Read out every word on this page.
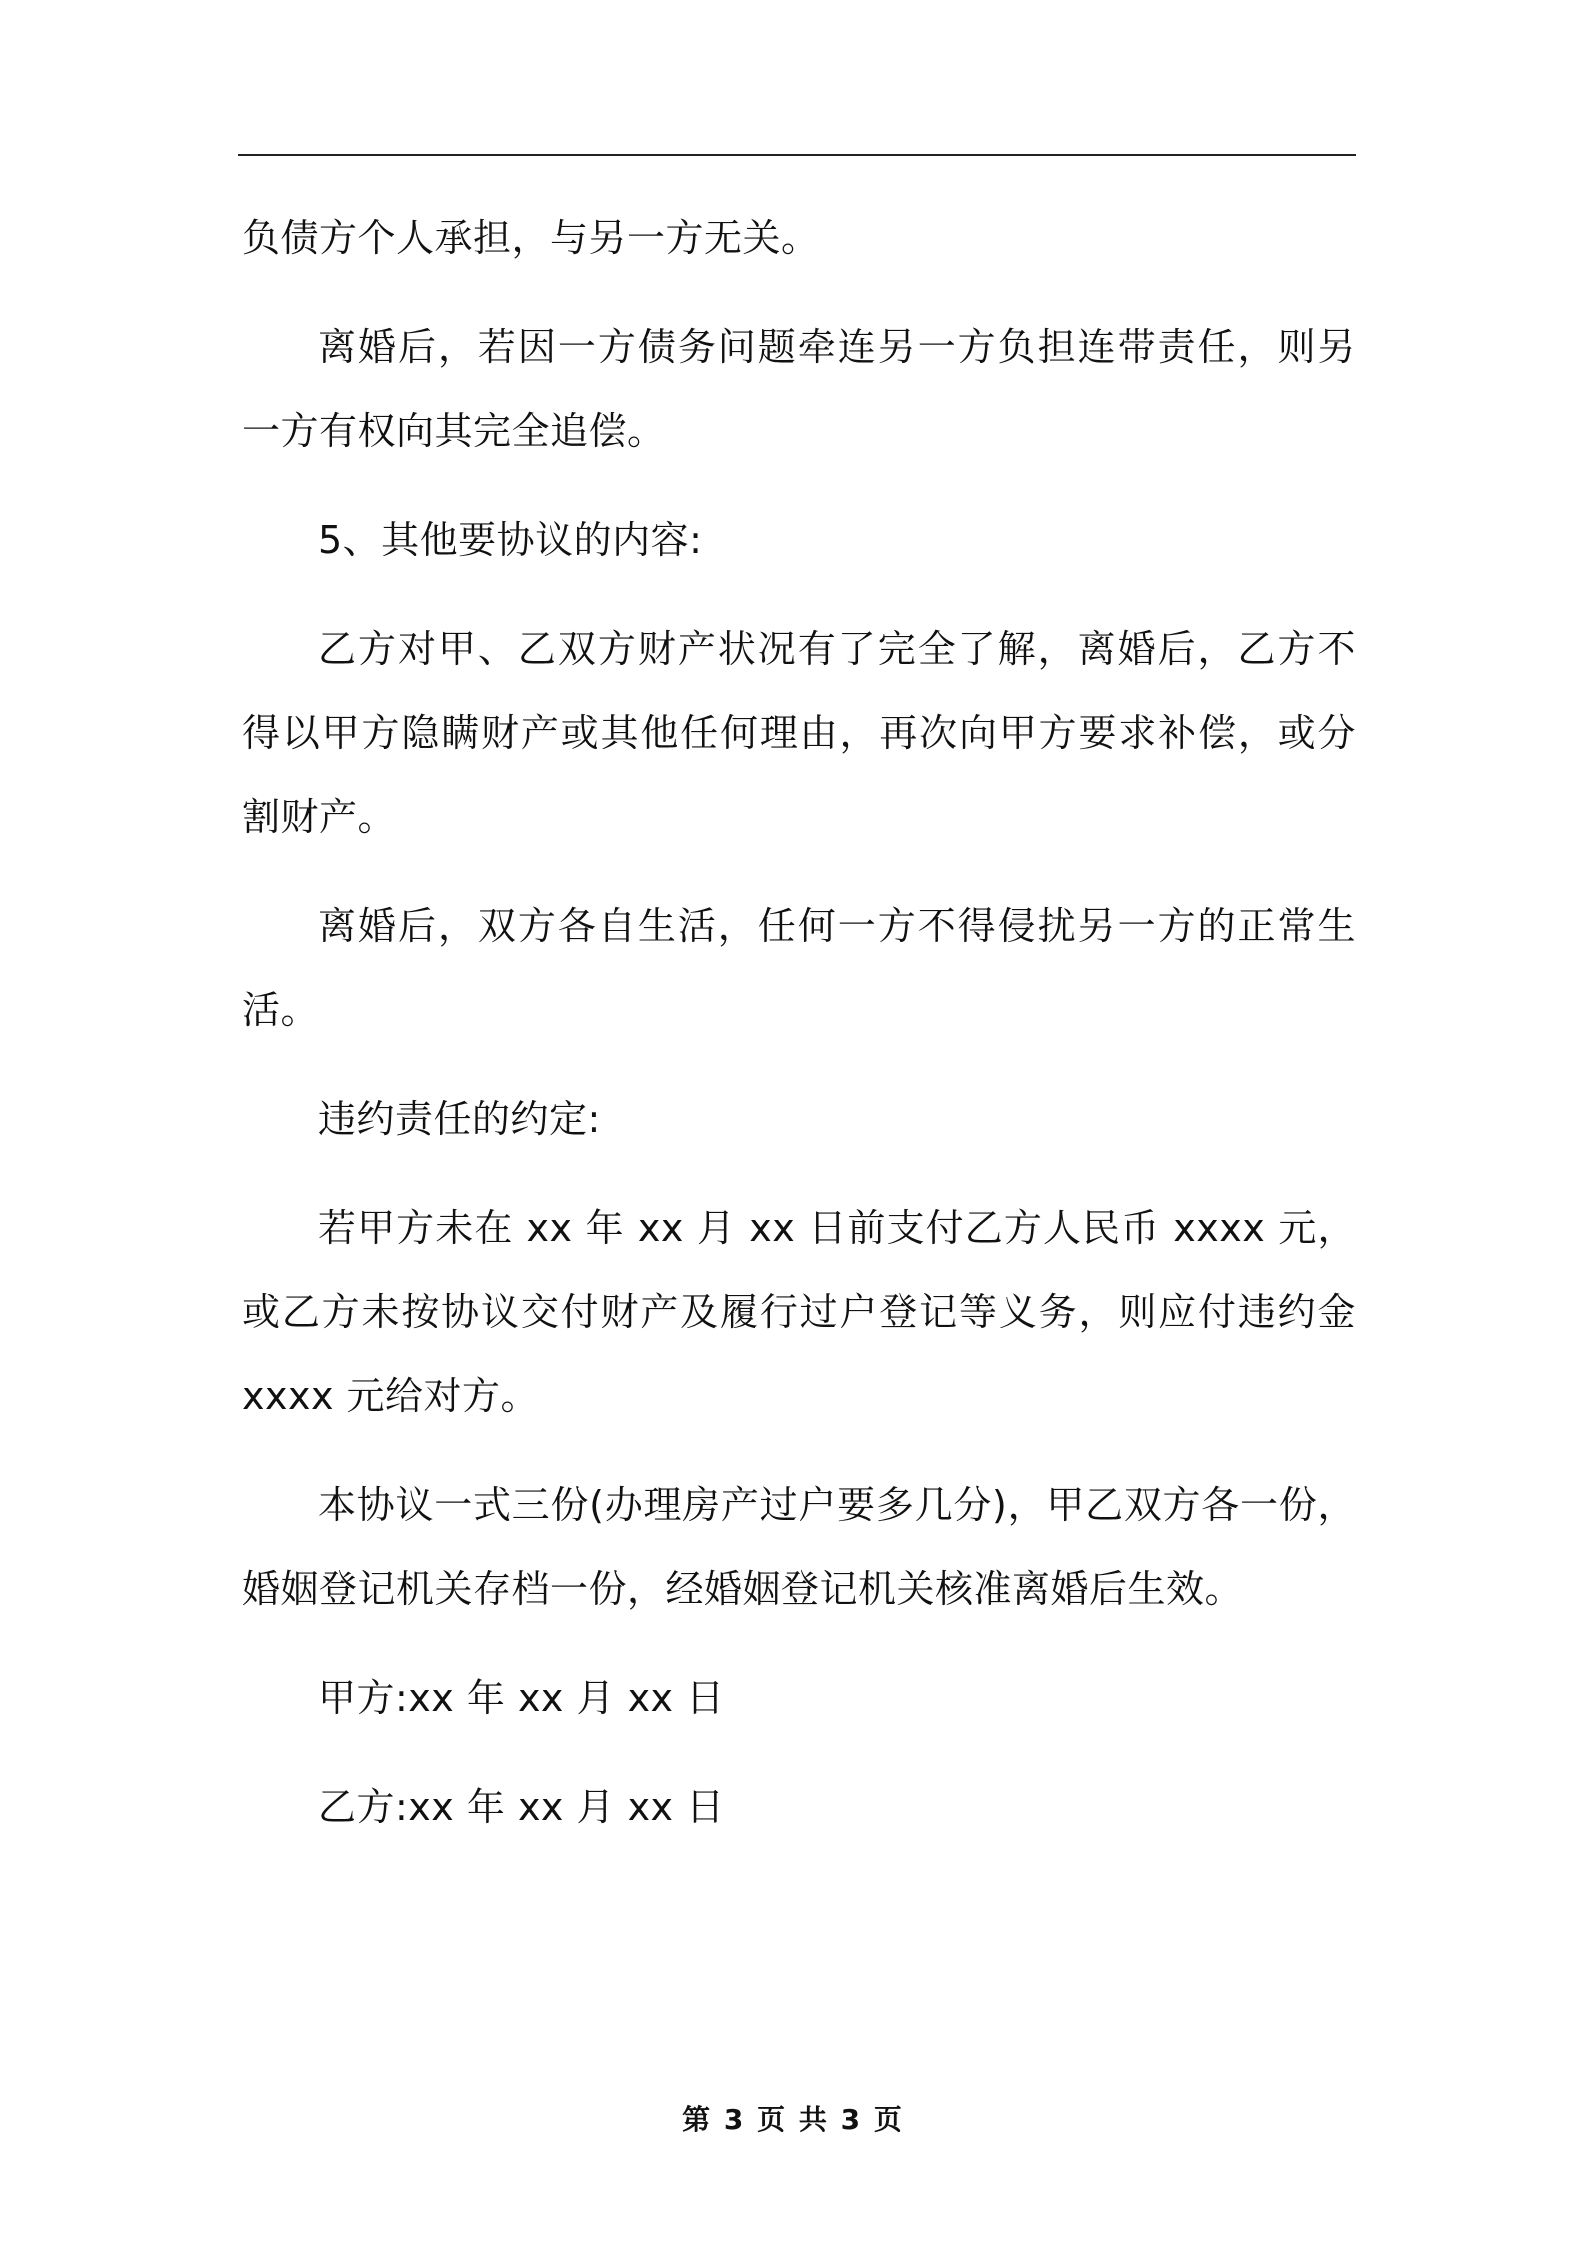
负债方个人承担，与另一方无关。

离婚后，若因一方债务问题牵连另一方负担连带责任，则另一方有权向其完全追偿。

5、其他要协议的内容:

乙方对甲、乙双方财产状况有了完全了解，离婚后，乙方不得以甲方隐瞒财产或其他任何理由，再次向甲方要求补偿，或分割财产。

离婚后，双方各自生活，任何一方不得侵扰另一方的正常生活。

违约责任的约定:

若甲方未在 xx 年 xx 月 xx 日前支付乙方人民币 xxxx 元，或乙方未按协议交付财产及履行过户登记等义务，则应付违约金 xxxx 元给对方。

本协议一式三份(办理房产过户要多几分)，甲乙双方各一份，婚姻登记机关存档一份，经婚姻登记机关核准离婚后生效。

甲方:xx 年 xx 月 xx 日

乙方:xx 年 xx 月 xx 日

第 3 页 共 3 页
